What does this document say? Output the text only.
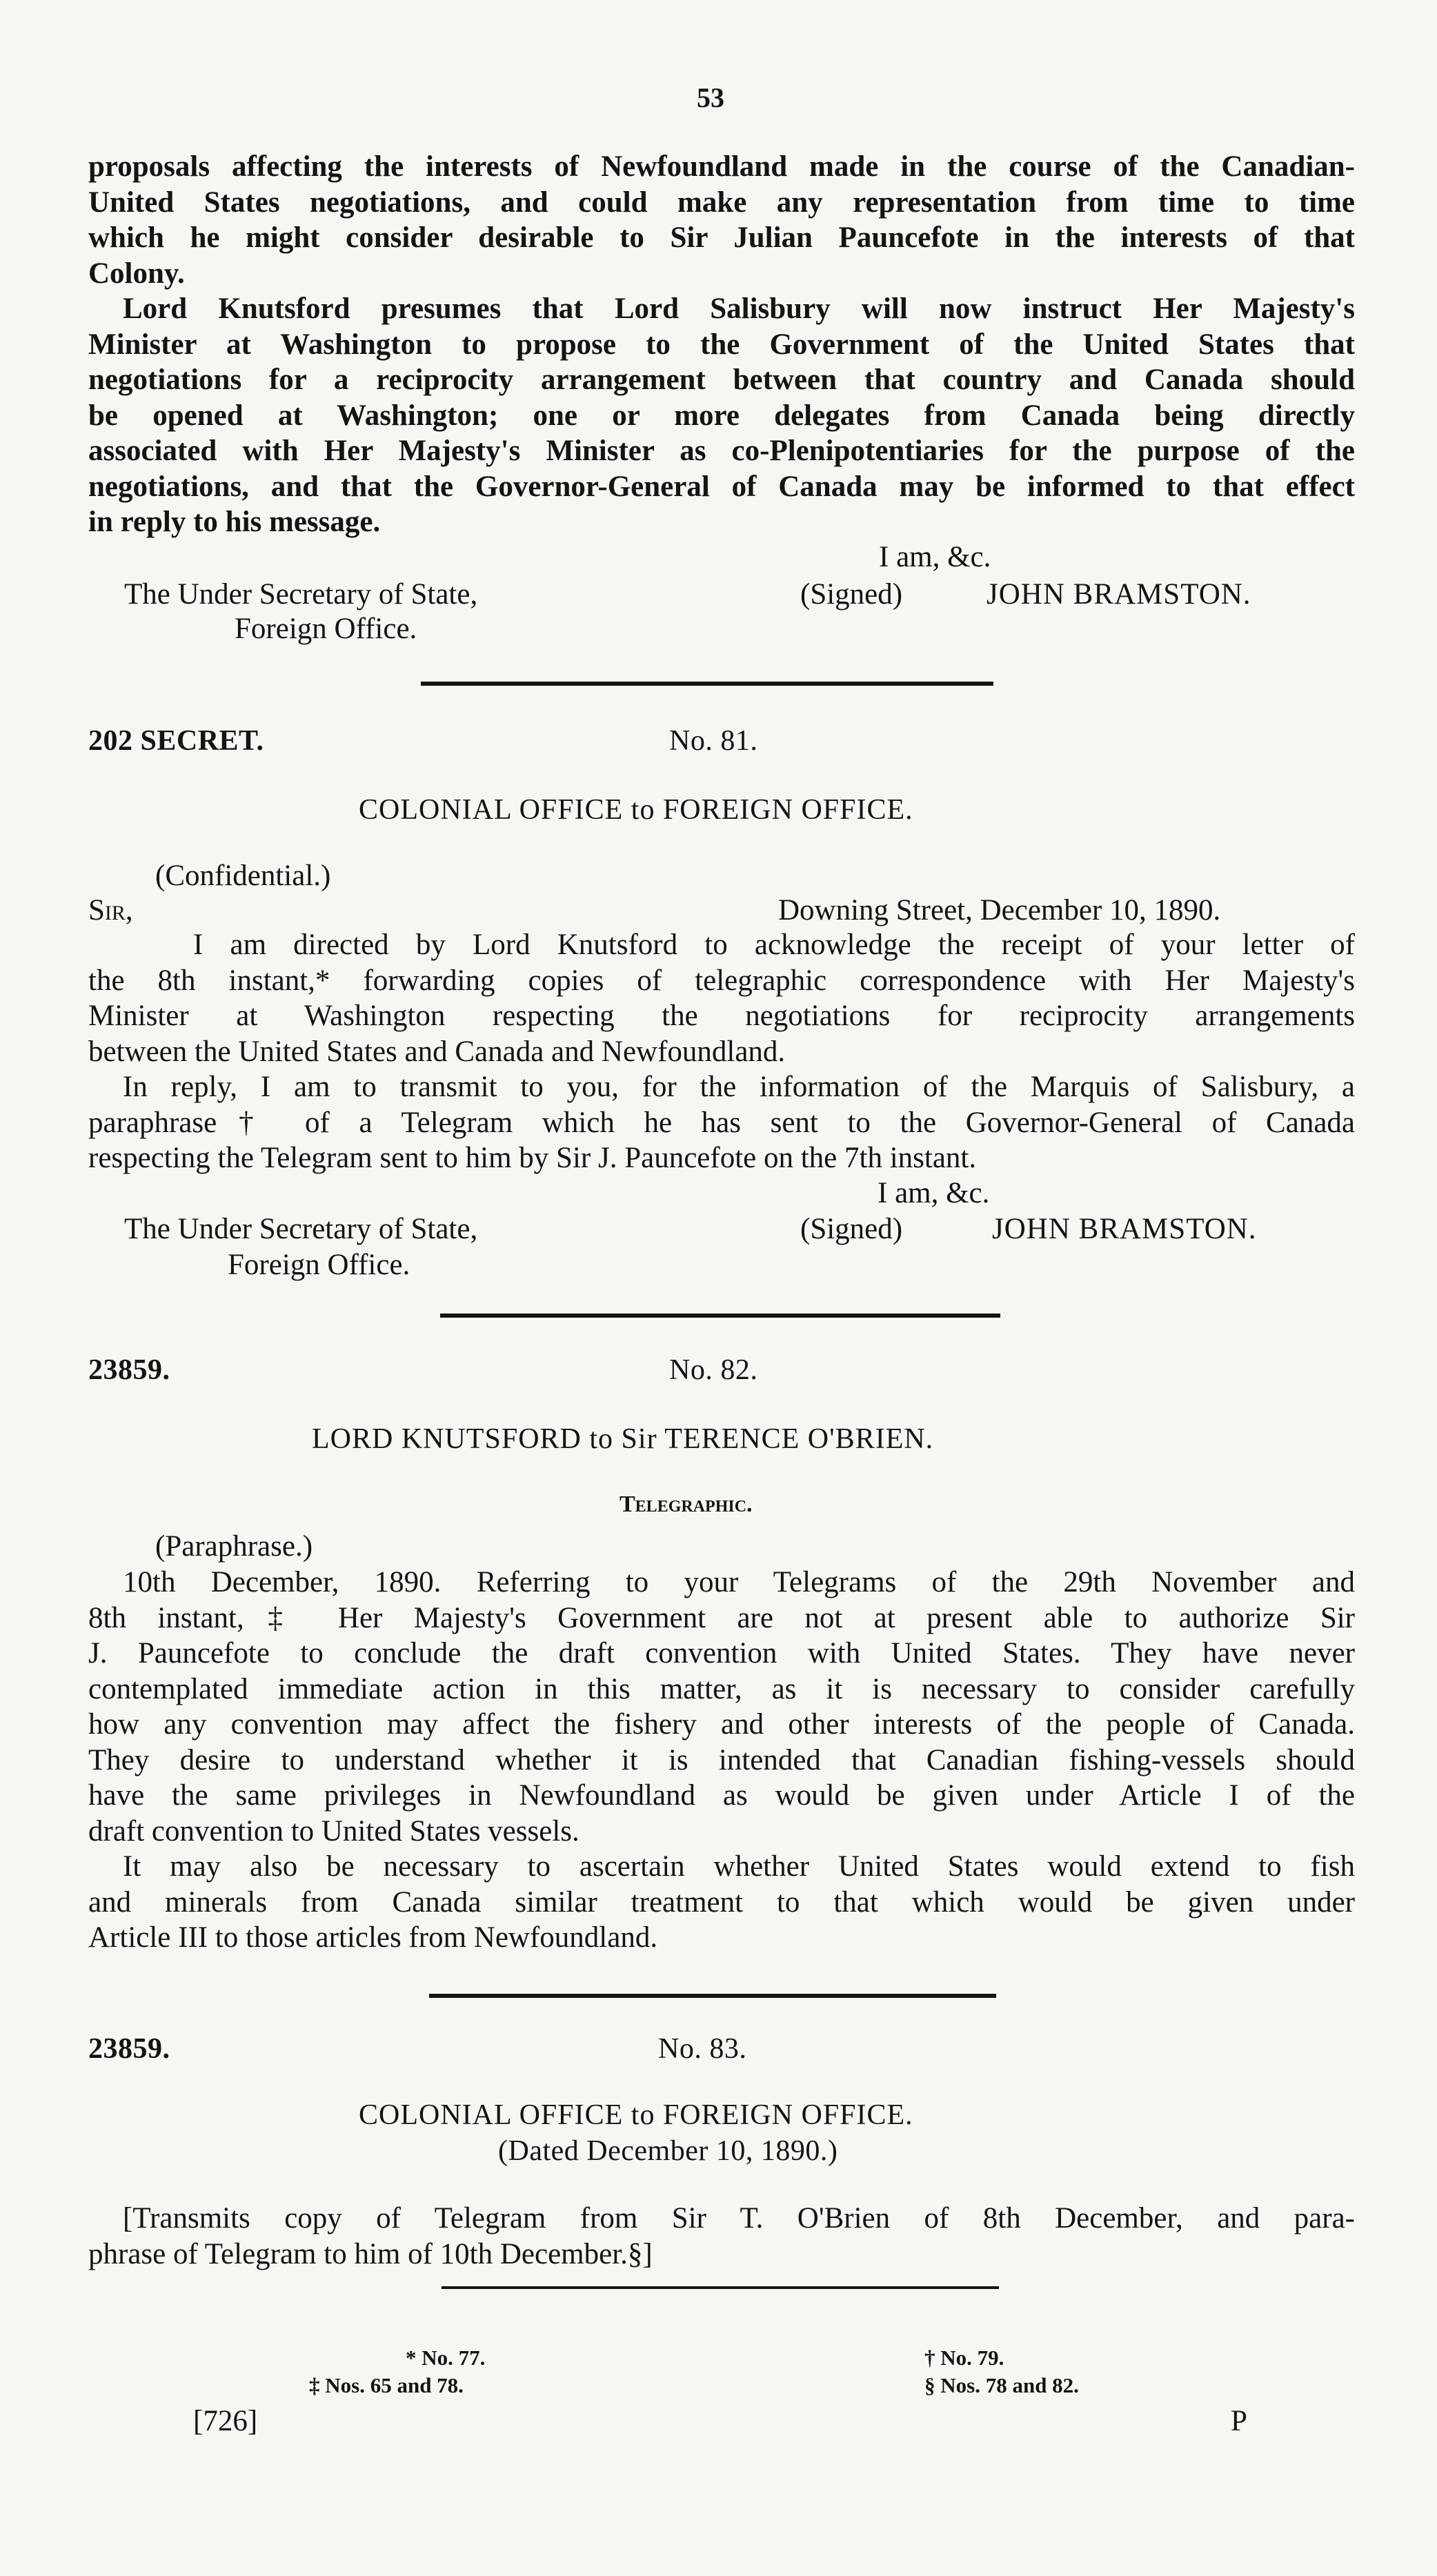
53
proposals affecting the interests of Newfoundland made in the course of the Canadian-
United States negotiations, and could make any representation from time to time
which he might consider desirable to Sir Julian Pauncefote in the interests of that
Colony.
Lord Knutsford presumes that Lord Salisbury will now instruct Her Majesty's
Minister at Washington to propose to the Government of the United States that
negotiations for a reciprocity arrangement between that country and Canada should
be opened at Washington; one or more delegates from Canada being directly
associated with Her Majesty's Minister as co-Plenipotentiaries for the purpose of the
negotiations, and that the Governor-General of Canada may be informed to that effect
in reply to his message.
I am, &c.
The Under Secretary of State,	(Signed)	JOHN BRAMSTON.
Foreign Office.
202 SECRET.	No. 81.
COLONIAL OFFICE to FOREIGN OFFICE.
(Confidential.)
Sir,	Downing Street, December 10, 1890.
I am directed by Lord Knutsford to acknowledge the receipt of your letter of
the 8th instant,* forwarding copies of telegraphic correspondence with Her Majesty's
Minister at Washington respecting the negotiations for reciprocity arrangements
between the United States and Canada and Newfoundland.
In reply, I am to transmit to you, for the information of the Marquis of Salisbury, a
paraphrase† of a Telegram which he has sent to the Governor-General of Canada
respecting the Telegram sent to him by Sir J. Pauncefote on the 7th instant.
I am, &c.
The Under Secretary of State,	(Signed)	JOHN BRAMSTON.
Foreign Office.
23859.	No. 82.
LORD KNUTSFORD to Sir TERENCE O'BRIEN.
Telegraphic.
(Paraphrase.)
10th December, 1890. Referring to your Telegrams of the 29th November and
8th instant,‡ Her Majesty's Government are not at present able to authorize Sir
J. Pauncefote to conclude the draft convention with United States. They have never
contemplated immediate action in this matter, as it is necessary to consider carefully
how any convention may affect the fishery and other interests of the people of Canada.
They desire to understand whether it is intended that Canadian fishing-vessels should
have the same privileges in Newfoundland as would be given under Article I of the
draft convention to United States vessels.
It may also be necessary to ascertain whether United States would extend to fish
and minerals from Canada similar treatment to that which would be given under
Article III to those articles from Newfoundland.
23859.	No. 83.
COLONIAL OFFICE to FOREIGN OFFICE.
(Dated December 10, 1890.)
[Transmits copy of Telegram from Sir T. O'Brien of 8th December, and para-
phrase of Telegram to him of 10th December.§]
* No. 77.
‡ Nos. 65 and 78.
† No. 79.
§ Nos. 78 and 82.
[726]	P
